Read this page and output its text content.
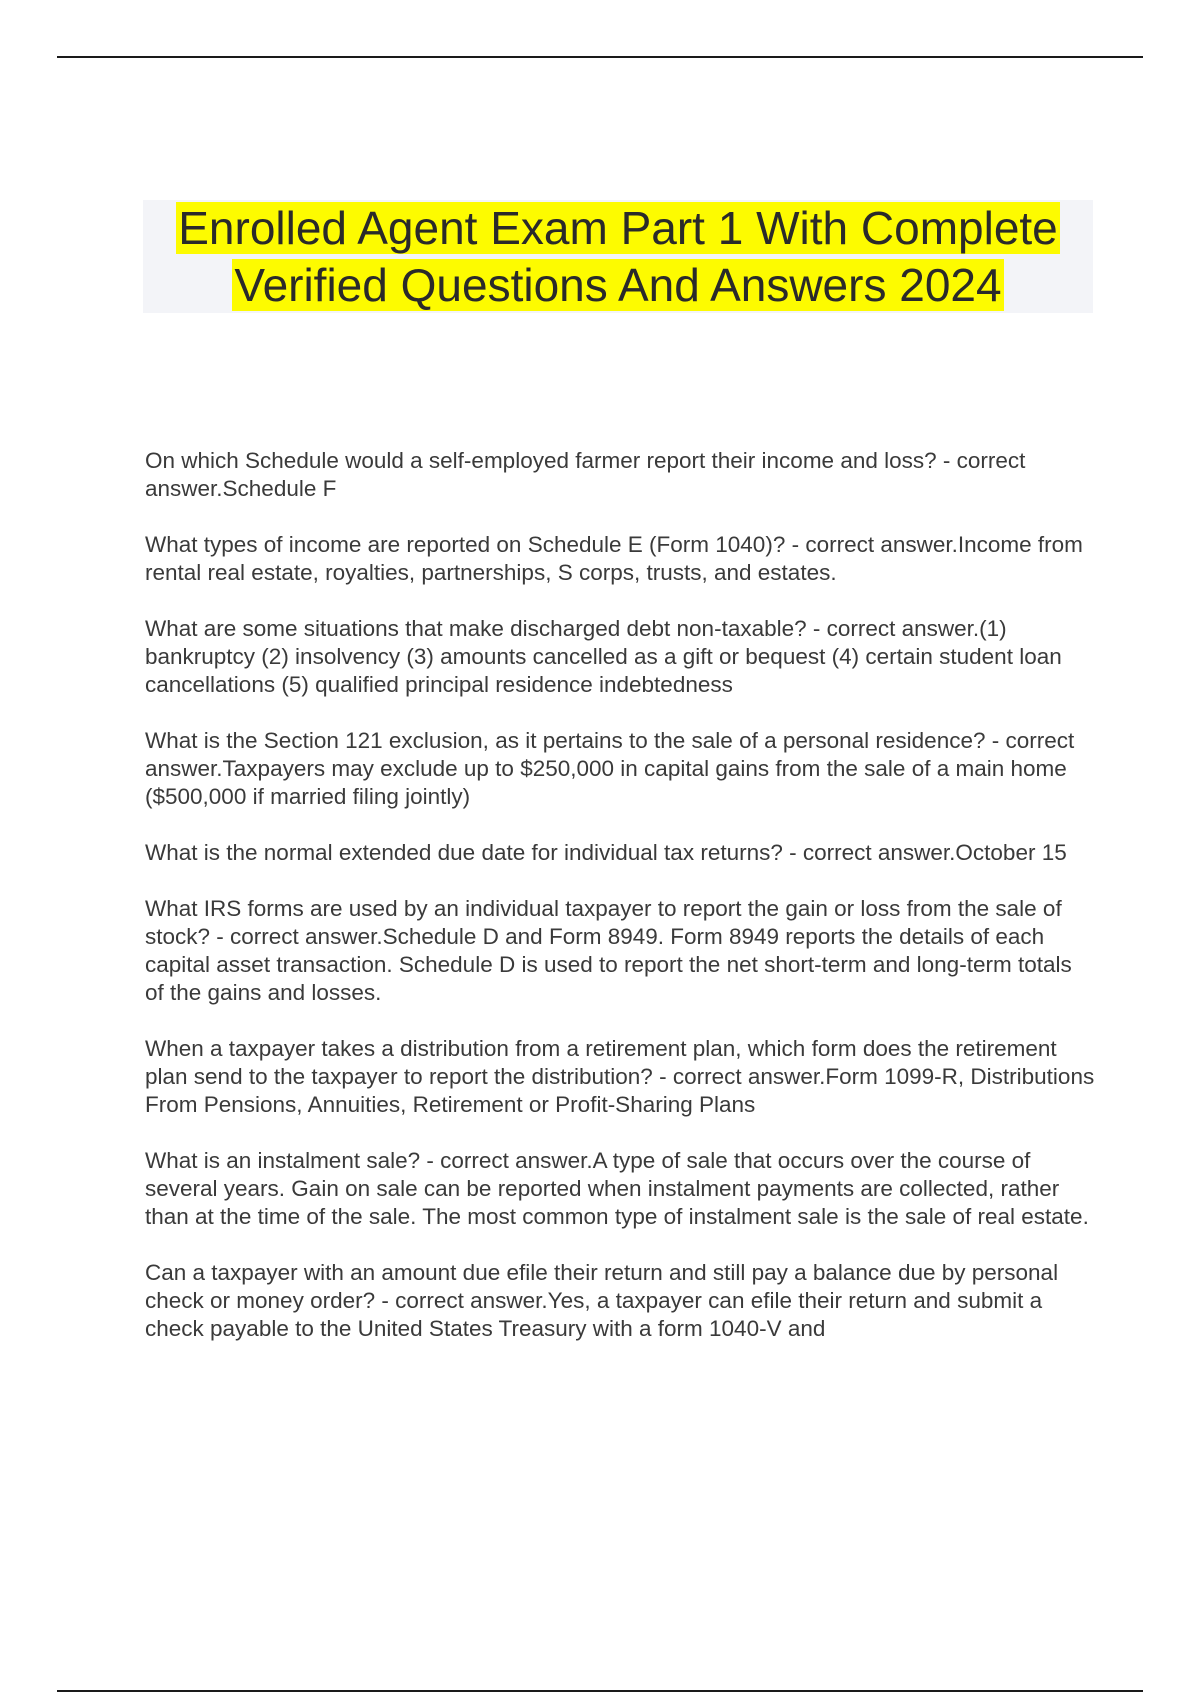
Enrolled Agent Exam Part 1 With Complete Verified Questions And Answers 2024
On which Schedule would a self-employed farmer report their income and loss? - correct answer.Schedule F
What types of income are reported on Schedule E (Form 1040)? - correct answer.Income from rental real estate, royalties, partnerships, S corps, trusts, and estates.
What are some situations that make discharged debt non-taxable? - correct answer.(1) bankruptcy (2) insolvency (3) amounts cancelled as a gift or bequest (4) certain student loan cancellations (5) qualified principal residence indebtedness
What is the Section 121 exclusion, as it pertains to the sale of a personal residence? - correct answer.Taxpayers may exclude up to $250,000 in capital gains from the sale of a main home ($500,000 if married filing jointly)
What is the normal extended due date for individual tax returns? - correct answer.October 15
What IRS forms are used by an individual taxpayer to report the gain or loss from the sale of stock? - correct answer.Schedule D and Form 8949. Form 8949 reports the details of each capital asset transaction. Schedule D is used to report the net short-term and long-term totals of the gains and losses.
When a taxpayer takes a distribution from a retirement plan, which form does the retirement plan send to the taxpayer to report the distribution? - correct answer.Form 1099-R, Distributions From Pensions, Annuities, Retirement or Profit-Sharing Plans
What is an instalment sale? - correct answer.A type of sale that occurs over the course of several years. Gain on sale can be reported when instalment payments are collected, rather than at the time of the sale. The most common type of instalment sale is the sale of real estate.
Can a taxpayer with an amount due efile their return and still pay a balance due by personal check or money order? - correct answer.Yes, a taxpayer can efile their return and submit a check payable to the United States Treasury with a form 1040-V and
